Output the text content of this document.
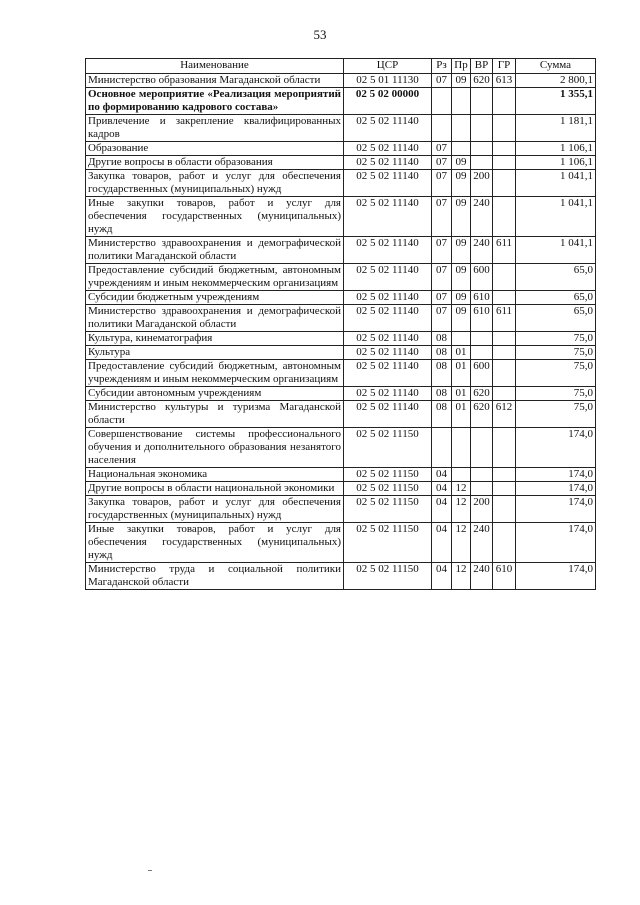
53
Наименование	ЦСР	Рз	Пр	ВР	ГР	Сумма
Министерство образования Магаданской области	02 5 01 11130	07	09	620	613	2 800,1
Основное мероприятие «Реализация мероприятий по формированию кадрового состава»	02 5 02 00000					1 355,1
Привлечение и закрепление квалифицированных кадров	02 5 02 11140					1 181,1
Образование	02 5 02 11140	07				1 106,1
Другие вопросы в области образования	02 5 02 11140	07	09			1 106,1
Закупка товаров, работ и услуг для обеспечения государственных (муниципальных) нужд	02 5 02 11140	07	09	200		1 041,1
Иные закупки товаров, работ и услуг для обеспечения государственных (муниципальных) нужд	02 5 02 11140	07	09	240		1 041,1
Министерство здравоохранения и демографической политики Магаданской области	02 5 02 11140	07	09	240	611	1 041,1
Предоставление субсидий бюджетным, автономным учреждениям и иным некоммерческим организациям	02 5 02 11140	07	09	600		65,0
Субсидии бюджетным учреждениям	02 5 02 11140	07	09	610		65,0
Министерство здравоохранения и демографической политики Магаданской области	02 5 02 11140	07	09	610	611	65,0
Культура, кинематография	02 5 02 11140	08				75,0
Культура	02 5 02 11140	08	01			75,0
Предоставление субсидий бюджетным, автономным учреждениям и иным некоммерческим организациям	02 5 02 11140	08	01	600		75,0
Субсидии автономным учреждениям	02 5 02 11140	08	01	620		75,0
Министерство культуры и туризма Магаданской области	02 5 02 11140	08	01	620	612	75,0
Совершенствование системы профессионального обучения и дополнительного образования незанятого населения	02 5 02 11150					174,0
Национальная экономика	02 5 02 11150	04				174,0
Другие вопросы в области национальной экономики	02 5 02 11150	04	12			174,0
Закупка товаров, работ и услуг для обеспечения государственных (муниципальных) нужд	02 5 02 11150	04	12	200		174,0
Иные закупки товаров, работ и услуг для обеспечения государственных (муниципальных) нужд	02 5 02 11150	04	12	240		174,0
Министерство труда и социальной политики Магаданской области	02 5 02 11150	04	12	240	610	174,0
